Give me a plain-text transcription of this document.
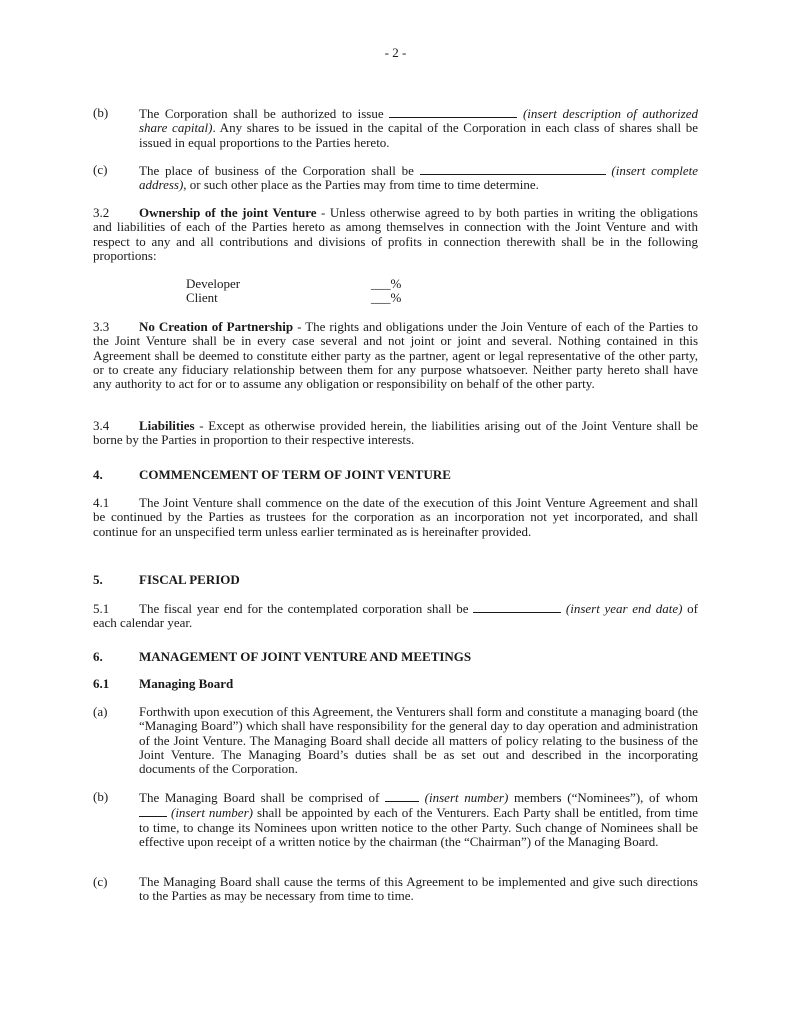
- 2 -
(b) The Corporation shall be authorized to issue	(insert description of authorized share capital). Any shares to be issued in the capital of the Corporation in each class of shares shall be issued in equal proportions to the Parties hereto.
(c) The place of business of the Corporation shall be	(insert complete address), or such other place as the Parties may from time to time determine.
3.2 Ownership of the joint Venture - Unless otherwise agreed to by both parties in writing the obligations and liabilities of each of the Parties hereto as among themselves in connection with the Joint Venture and with respect to any and all contributions and divisions of profits in connection therewith shall be in the following proportions:
Developer	___%
Client	___%
3.3 No Creation of Partnership - The rights and obligations under the Join Venture of each of the Parties to the Joint Venture shall be in every case several and not joint or joint and several. Nothing contained in this Agreement shall be deemed to constitute either party as the partner, agent or legal representative of the other party, or to create any fiduciary relationship between them for any purpose whatsoever. Neither party hereto shall have any authority to act for or to assume any obligation or responsibility on behalf of the other party.
3.4 Liabilities - Except as otherwise provided herein, the liabilities arising out of the Joint Venture shall be borne by the Parties in proportion to their respective interests.
4.	COMMENCEMENT OF TERM OF JOINT VENTURE
4.1 The Joint Venture shall commence on the date of the execution of this Joint Venture Agreement and shall be continued by the Parties as trustees for the corporation as an incorporation not yet incorporated, and shall continue for an unspecified term unless earlier terminated as is hereinafter provided.
5.	FISCAL PERIOD
5.1 The fiscal year end for the contemplated corporation shall be	(insert year end date) of each calendar year.
6.	MANAGEMENT OF JOINT VENTURE AND MEETINGS
6.1 Managing Board
(a) Forthwith upon execution of this Agreement, the Venturers shall form and constitute a managing board (the “Managing Board”) which shall have responsibility for the general day to day operation and administration of the Joint Venture. The Managing Board shall decide all matters of policy relating to the business of the Joint Venture. The Managing Board’s duties shall be as set out and described in the incorporating documents of the Corporation.
(b) The Managing Board shall be comprised of	(insert number) members (“Nominees”), of whom  (insert number) shall be appointed by each of the Venturers. Each Party shall be entitled, from time to time, to change its Nominees upon written notice to the other Party. Such change of Nominees shall be effective upon receipt of a written notice by the chairman (the “Chairman”) of the Managing Board.
(c) The Managing Board shall cause the terms of this Agreement to be implemented and give such directions to the Parties as may be necessary from time to time.
